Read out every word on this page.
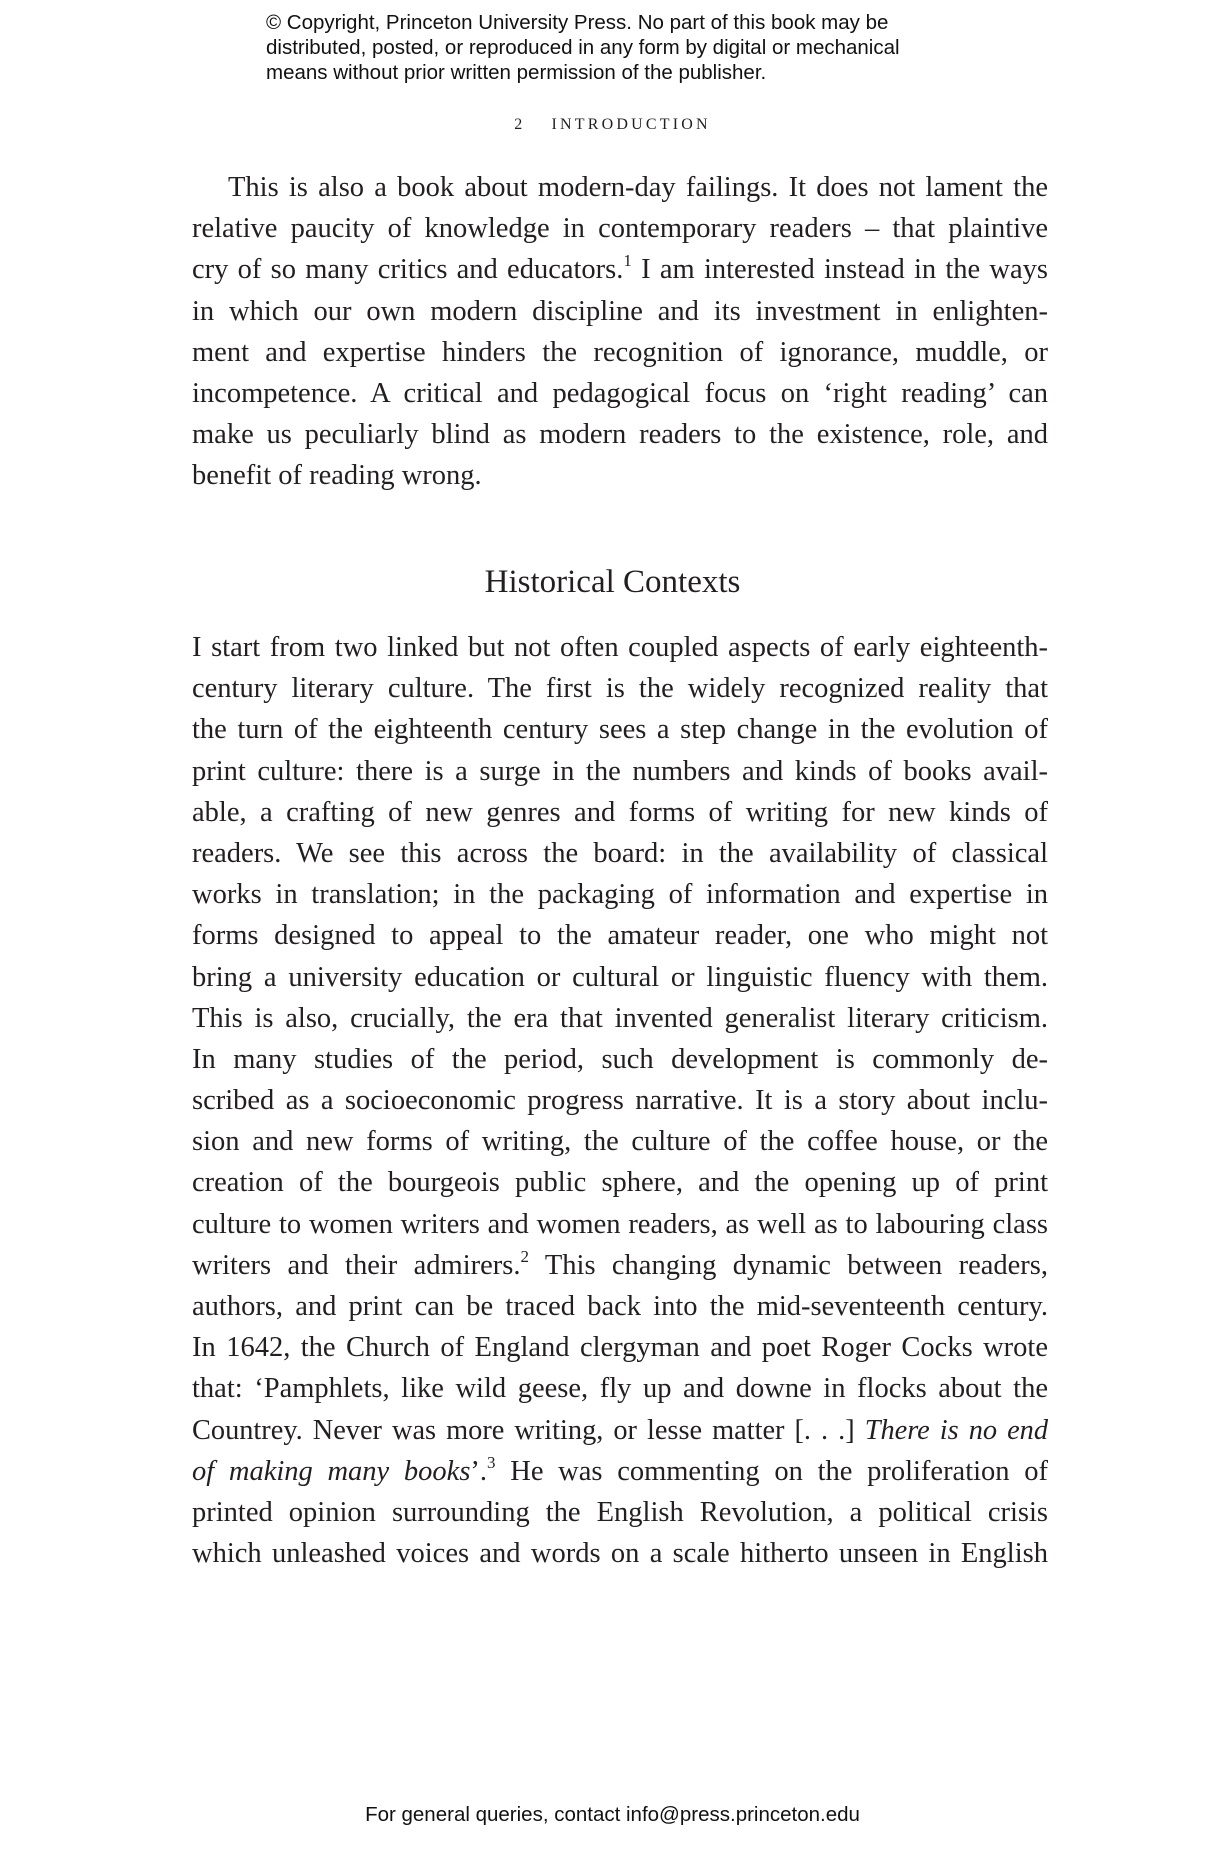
© Copyright, Princeton University Press. No part of this book may be
distributed, posted, or reproduced in any form by digital or mechanical
means without prior written permission of the publisher.
2 INTRODUCTION
This is also a book about modern-day failings. It does not lament the
relative paucity of knowledge in contemporary readers – that plaintive
cry of so many critics and educators.$^1$ I am interested instead in the ways
in which our own modern discipline and its investment in enlighten-
ment and expertise hinders the recognition of ignorance, muddle, or
incompetence. A critical and pedagogical focus on ‘right reading’ can
make us peculiarly blind as modern readers to the existence, role, and
benefit of reading wrong.
Historical Contexts
I start from two linked but not often coupled aspects of early eighteenth-
century literary culture. The first is the widely recognized reality that
the turn of the eighteenth century sees a step change in the evolution of
print culture: there is a surge in the numbers and kinds of books avail-
able, a crafting of new genres and forms of writing for new kinds of
readers. We see this across the board: in the availability of classical
works in translation; in the packaging of information and expertise in
forms designed to appeal to the amateur reader, one who might not
bring a university education or cultural or linguistic fluency with them.
This is also, crucially, the era that invented generalist literary criticism.
In many studies of the period, such development is commonly de-
scribed as a socioeconomic progress narrative. It is a story about inclu-
sion and new forms of writing, the culture of the coffee house, or the
creation of the bourgeois public sphere, and the opening up of print
culture to women writers and women readers, as well as to labouring class
writers and their admirers.$^2$ This changing dynamic between readers,
authors, and print can be traced back into the mid-seventeenth century.
In 1642, the Church of England clergyman and poet Roger Cocks wrote
that: ‘Pamphlets, like wild geese, fly up and downe in flocks about the
Countrey. Never was more writing, or lesse matter [. . .] There is no end
of making many books’.$^3$ He was commenting on the proliferation of
printed opinion surrounding the English Revolution, a political crisis
which unleashed voices and words on a scale hitherto unseen in English
For general queries, contact info@press.princeton.edu
